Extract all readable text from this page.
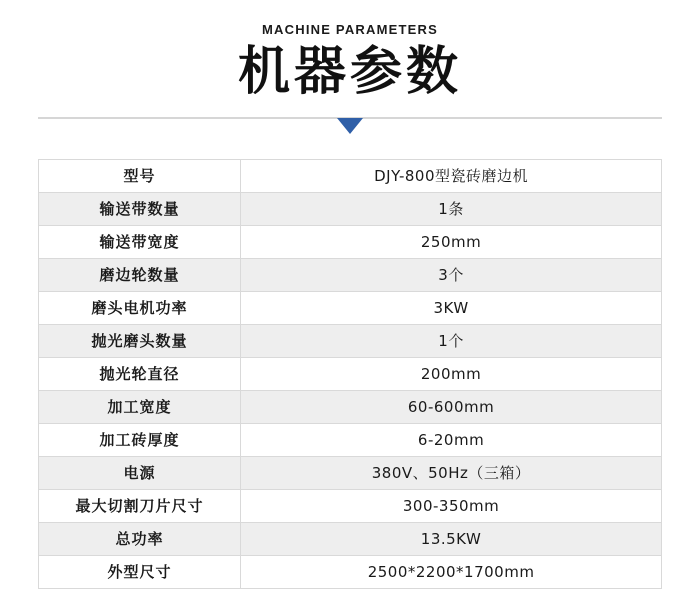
MACHINE PARAMETERS
机器参数
型号	DJY-800型瓷砖磨边机
输送带数量	1条
输送带宽度	250mm
磨边轮数量	3个
磨头电机功率	3KW
抛光磨头数量	1个
抛光轮直径	200mm
加工宽度	60-600mm
加工砖厚度	6-20mm
电源	380V、50Hz（三箱）
最大切割刀片尺寸	300-350mm
总功率	13.5KW
外型尺寸	2500*2200*1700mm
